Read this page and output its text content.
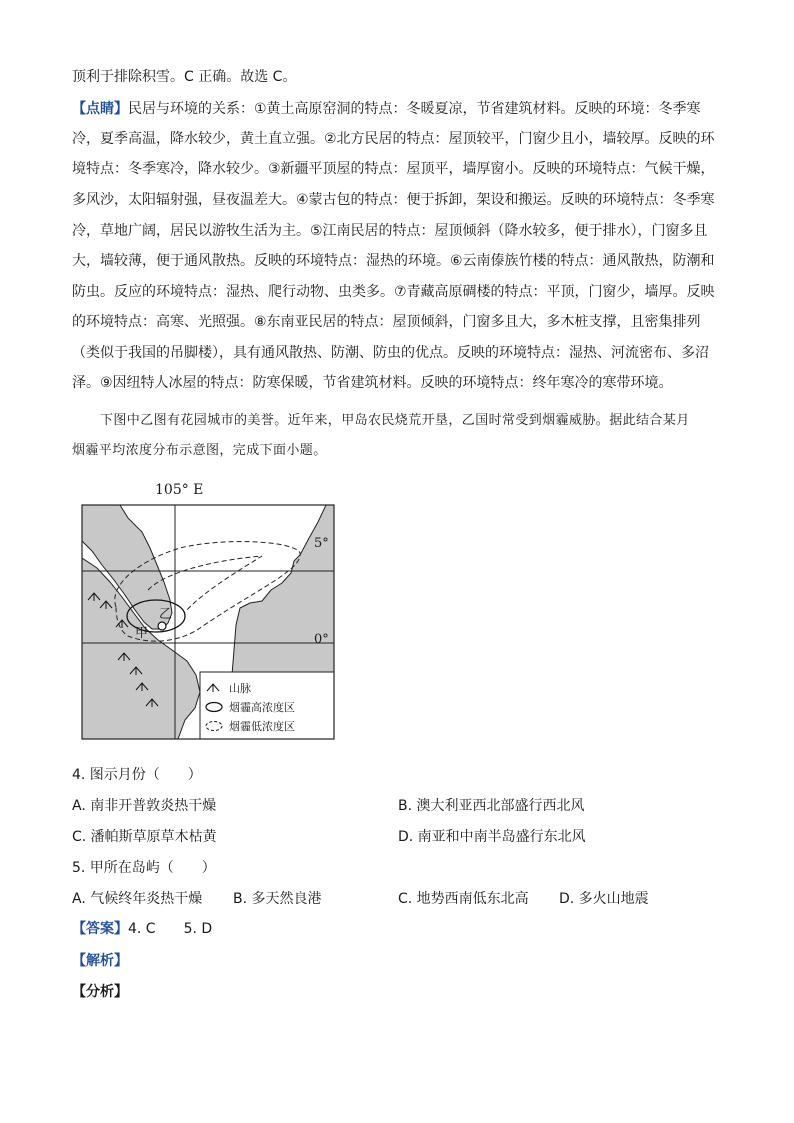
顶利于排除积雪。C 正确。故选 C。
【点睛】民居与环境的关系：①黄土高原窑洞的特点：冬暖夏凉，节省建筑材料。反映的环境：冬季寒
冷，夏季高温，降水较少，黄土直立强。②北方民居的特点：屋顶较平，门窗少且小，墙较厚。反映的环
境特点：冬季寒冷，降水较少。③新疆平顶屋的特点：屋顶平，墙厚窗小。反映的环境特点：气候干燥，
多风沙，太阳辐射强，昼夜温差大。④蒙古包的特点：便于拆卸，架设和搬运。反映的环境特点：冬季寒
冷，草地广阔，居民以游牧生活为主。⑤江南民居的特点：屋顶倾斜（降水较多，便于排水），门窗多且
大，墙较薄，便于通风散热。反映的环境特点：湿热的环境。⑥云南傣族竹楼的特点：通风散热，防潮和
防虫。反应的环境特点：湿热、爬行动物、虫类多。⑦青藏高原碉楼的特点：平顶，门窗少，墙厚。反映
的环境特点：高寒、光照强。⑧东南亚民居的特点：屋顶倾斜，门窗多且大，多木桩支撑，且密集排列
（类似于我国的吊脚楼），具有通风散热、防潮、防虫的优点。反映的环境特点：湿热、河流密布、多沼
泽。⑨因纽特人冰屋的特点：防寒保暖，节省建筑材料。反映的环境特点：终年寒冷的寒带环境。
下图中乙图有花园城市的美誉。近年来，甲岛农民烧荒开垦，乙国时常受到烟霾威胁。据此结合某月
烟霾平均浓度分布示意图，完成下面小题。
105° E
5°
0°
乙
甲
山脉
烟霾高浓度区
烟霾低浓度区
4. 图示月份（　　）
A. 南非开普敦炎热干燥	B. 澳大利亚西北部盛行西北风
C. 潘帕斯草原草木枯黄	D. 南亚和中南半岛盛行东北风
5. 甲所在岛屿（　　）
A. 气候终年炎热干燥 B. 多天然良港	C. 地势西南低东北高 D. 多火山地震
【答案】4. C　　5. D
【解析】
【分析】
